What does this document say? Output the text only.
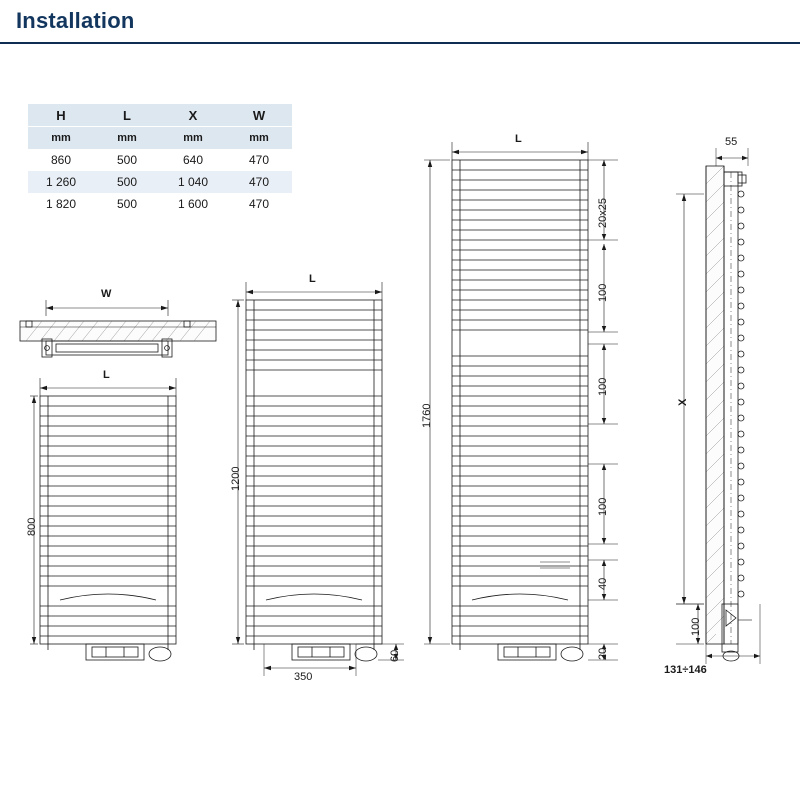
Installation
H	L	X	W
mm	mm	mm	mm
860	500	640	470
1 260	500	1 040	470
1 820	500	1 600	470
W
L
800
L
1200
350
60
L
1760
20x25
100
100
100
40
20
55
X
100
131÷146
